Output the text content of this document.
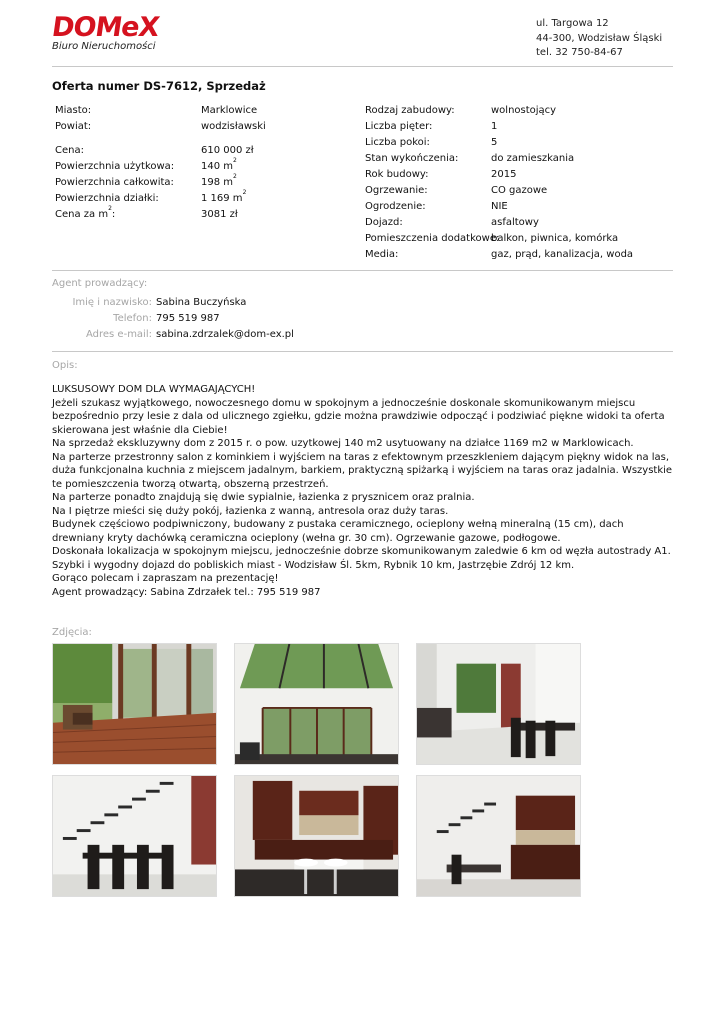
DOMeX
Biuro Nieruchomości
ul. Targowa 12
44-300, Wodzisław Śląski
tel. 32 750-84-67
Oferta numer DS-7612, Sprzedaż
Miasto:
Powiat:
Cena:
Powierzchnia użytkowa:
Powierzchnia całkowita:
Powierzchnia działki:
Cena za $m^2$:
Marklowice
wodzisławski
610 000 zł
140 $m^2$
198 $m^2$
1 169 $m^2$
3081 zł
Rodzaj zabudowy:
Liczba pięter:
Liczba pokoi:
Stan wykończenia:
Rok budowy:
Ogrzewanie:
Ogrodzenie:
Dojazd:
Pomieszczenia dodatkowe:
Media:
wolnostojący
1
5
do zamieszkania
2015
CO gazowe
NIE
asfaltowy
balkon, piwnica, komórka
gaz, prąd, kanalizacja, woda
Agent prowadzący:
Imię i nazwisko:
Telefon:
Adres e-mail:
Sabina Buczyńska
795 519 987
sabina.zdrzalek@dom-ex.pl
Opis:

LUKSUSOWY DOM DLA WYMAGAJĄCYCH!

Jeżeli szukasz wyjątkowego, nowoczesnego domu w spokojnym a jednocześnie doskonale skomunikowanym miejscu bezpośrednio przy lesie z dala od ulicznego zgiełku, gdzie można prawdziwie odpocząć i podziwiać piękne widoki ta oferta skierowana jest właśnie dla Ciebie!

Na sprzedaż ekskluzywny dom z 2015 r. o pow. uzytkowej 140 m2 usytuowany na działce 1169 m2 w Marklowicach.

Na parterze przestronny salon z kominkiem i wyjściem na taras z efektownym przeszkleniem dającym piękny widok na las, duża funkcjonalna kuchnia z miejscem jadalnym, barkiem, praktyczną spiżarką i wyjściem na taras oraz jadalnia. Wszystkie te pomieszczenia tworzą otwartą, obszerną przestrzeń.

Na parterze ponadto znajdują się dwie sypialnie, łazienka z prysznicem oraz pralnia.

Na I piętrze mieści się duży pokój, łazienka z wanną, antresola oraz duży taras.

Budynek częściowo podpiwniczony, budowany z pustaka ceramicznego, ocieplony wełną mineralną (15 cm), dach drewniany kryty dachówką ceramiczna ocieplony (wełna gr. 30 cm). Ogrzewanie gazowe, podłogowe.

Doskonała lokalizacja w spokojnym miejscu, jednocześnie dobrze skomunikowanym zaledwie 6 km od węzła autostrady A1. Szybki i wygodny dojazd do pobliskich miast - Wodzisław Śl. 5km, Rybnik 10 km, Jastrzębie Zdrój 12 km.

Gorąco polecam i zapraszam na prezentację!

Agent prowadzący: Sabina Zdrzałek tel.: 795 519 987

Zdjęcia:
